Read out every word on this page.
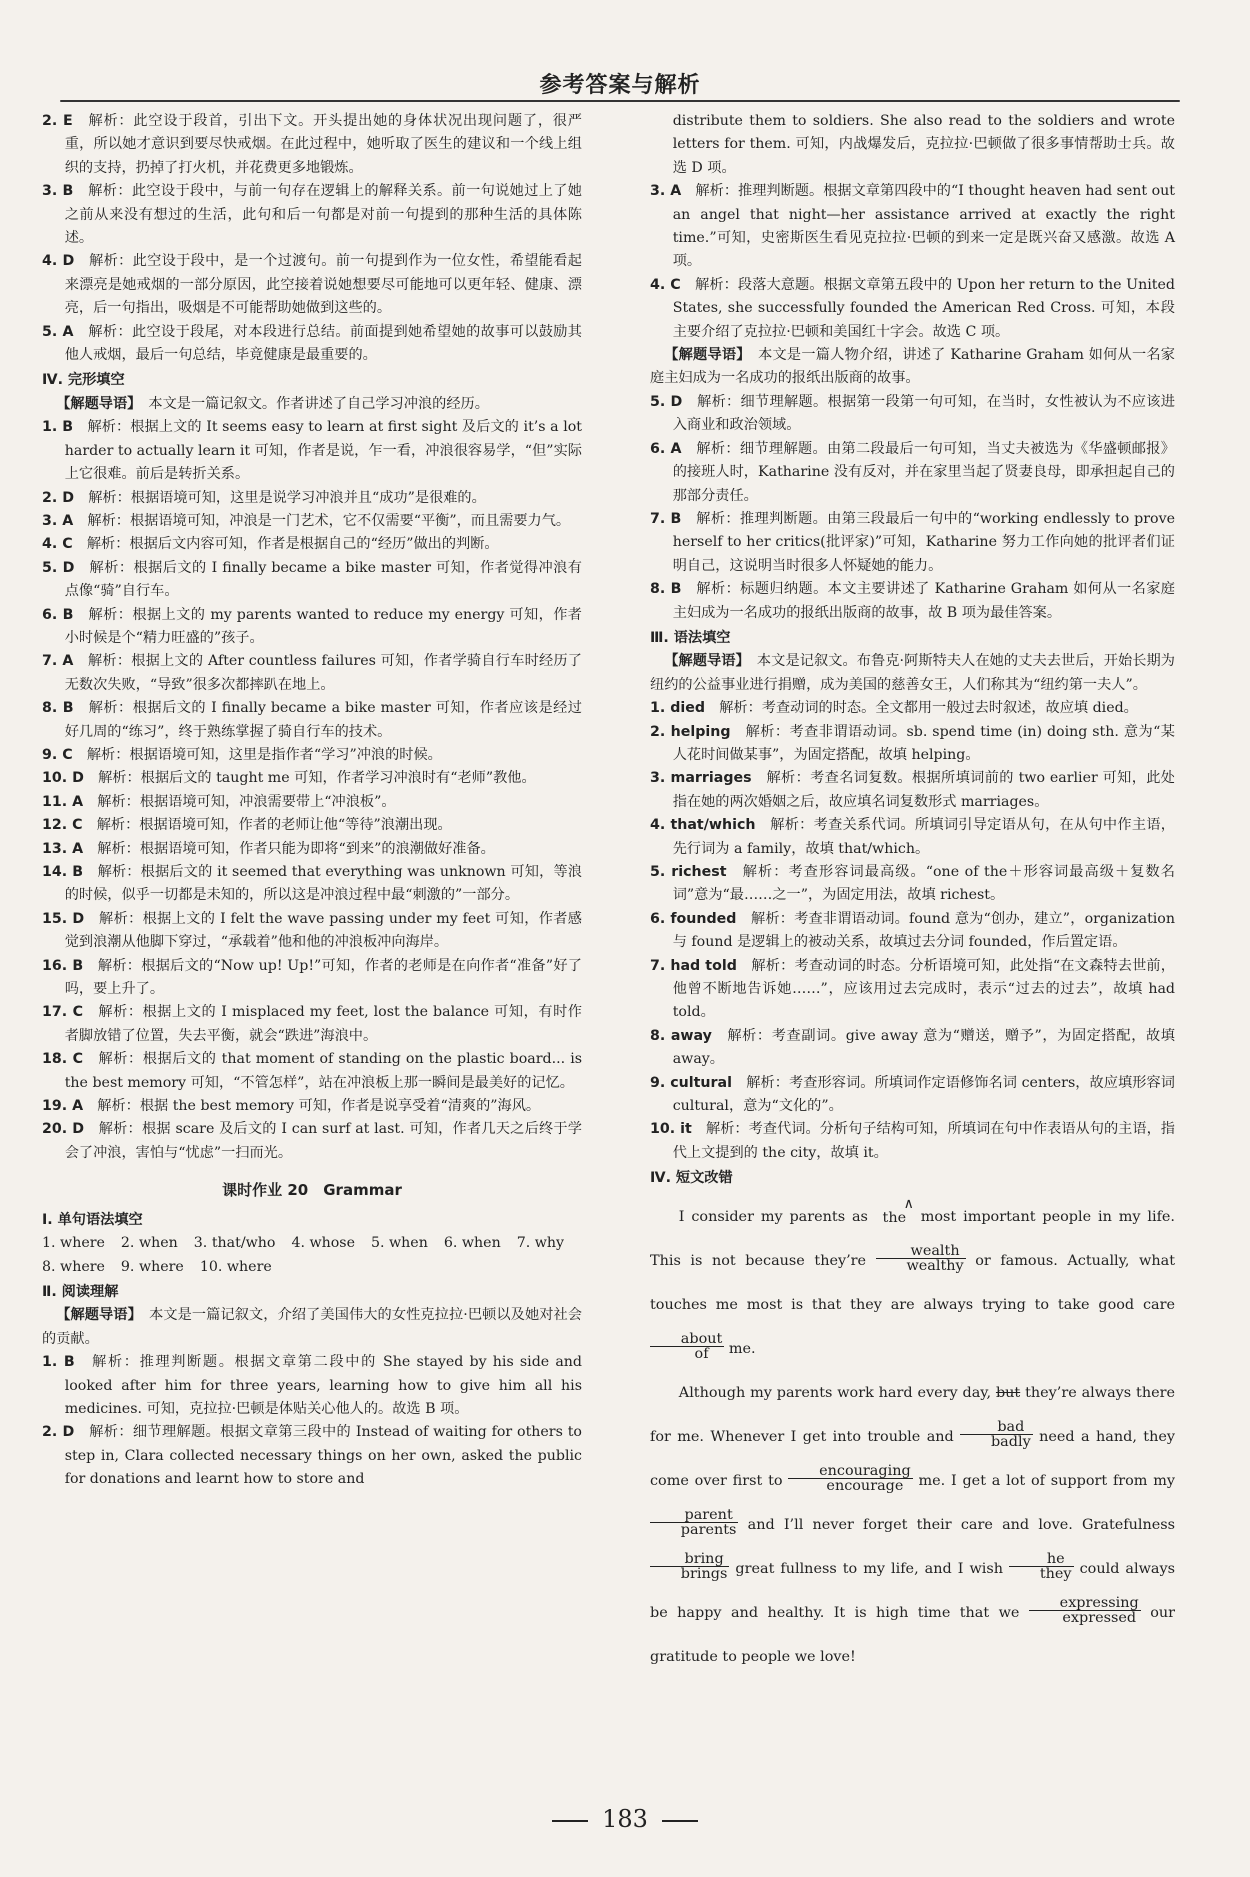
参考答案与解析

2. E　 解析：此空设于段首，引出下文。开头提出她的身体状况出现问题了，很严重，所以她才意识到要尽快戒烟。在此过程中，她听取了医生的建议和一个线上组织的支持，扔掉了打火机，并花费更多地锻炼。

3. B　 解析：此空设于段中，与前一句存在逻辑上的解释关系。前一句说她过上了她之前从来没有想过的生活，此句和后一句都是对前一句提到的那种生活的具体陈述。

4. D　 解析：此空设于段中，是一个过渡句。前一句提到作为一位女性，希望能看起来漂亮是她戒烟的一部分原因，此空接着说她想要尽可能地可以更年轻、健康、漂亮，后一句指出，吸烟是不可能帮助她做到这些的。

5. A　 解析：此空设于段尾，对本段进行总结。前面提到她希望她的故事可以鼓励其他人戒烟，最后一句总结，毕竟健康是最重要的。

Ⅳ. 完形填空

【解题导语】　 本文是一篇记叙文。作者讲述了自己学习冲浪的经历。

1. B　 解析：根据上文的 It seems easy to learn at first sight 及后文的 it’s a lot harder to actually learn it 可知，作者是说，乍一看，冲浪很容易学，“但”实际上它很难。前后是转折关系。

2. D　 解析：根据语境可知，这里是说学习冲浪并且“成功”是很难的。

3. A　 解析：根据语境可知，冲浪是一门艺术，它不仅需要“平衡”，而且需要力气。

4. C　 解析：根据后文内容可知，作者是根据自己的“经历”做出的判断。

5. D　 解析：根据后文的 I finally became a bike master 可知，作者觉得冲浪有点像“骑”自行车。

6. B　 解析：根据上文的 my parents wanted to reduce my energy 可知，作者小时候是个“精力旺盛的”孩子。

7. A　 解析：根据上文的 After countless failures 可知，作者学骑自行车时经历了无数次失败，“导致”很多次都摔趴在地上。

8. B　 解析：根据后文的 I finally became a bike master 可知，作者应该是经过好几周的“练习”，终于熟练掌握了骑自行车的技术。

9. C　 解析：根据语境可知，这里是指作者“学习”冲浪的时候。

10. D　 解析：根据后文的 taught me 可知，作者学习冲浪时有“老师”教他。

11. A　 解析：根据语境可知，冲浪需要带上“冲浪板”。

12. C　 解析：根据语境可知，作者的老师让他“等待”浪潮出现。

13. A　 解析：根据语境可知，作者只能为即将“到来”的浪潮做好准备。

14. B　 解析：根据后文的 it seemed that everything was unknown 可知，等浪的时候，似乎一切都是未知的，所以这是冲浪过程中最“刺激的”一部分。

15. D　 解析：根据上文的 I felt the wave passing under my feet 可知，作者感觉到浪潮从他脚下穿过，“承载着”他和他的冲浪板冲向海岸。

16. B　 解析：根据后文的“Now up! Up!”可知，作者的老师是在向作者“准备”好了吗，要上升了。

17. C　 解析：根据上文的 I misplaced my feet, lost the balance 可知，有时作者脚放错了位置，失去平衡，就会“跌进”海浪中。

18. C　 解析：根据后文的 that moment of standing on the plastic board... is the best memory 可知，“不管怎样”，站在冲浪板上那一瞬间是最美好的记忆。

19. A　 解析：根据 the best memory 可知，作者是说享受着“清爽的”海风。

20. D　 解析：根据 scare 及后文的 I can surf at last. 可知，作者几天之后终于学会了冲浪，害怕与“忧虑”一扫而光。

课时作业 20　Grammar

Ⅰ. 单句语法填空

1. where 2. when 3. that/who 4. whose 5. when 6. when 7. why
8. where 9. where 10. where

Ⅱ. 阅读理解

【解题导语】　 本文是一篇记叙文，介绍了美国伟大的女性克拉拉·巴顿以及她对社会的贡献。

1. B　 解析：推理判断题。根据文章第二段中的 She stayed by his side and looked after him for three years, learning how to give him all his medicines. 可知，克拉拉·巴顿是体贴关心他人的。故选 B 项。

2. D　 解析：细节理解题。根据文章第三段中的 Instead of waiting for others to step in, Clara collected necessary things on her own, asked the public for donations and learnt how to store and

distribute them to soldiers. She also read to the soldiers and wrote letters for them. 可知，内战爆发后，克拉拉·巴顿做了很多事情帮助士兵。故选 D 项。

3. A　 解析：推理判断题。根据文章第四段中的“I thought heaven had sent out an angel that night—her assistance arrived at exactly the right time.”可知，史密斯医生看见克拉拉·巴顿的到来一定是既兴奋又感激。故选 A 项。

4. C　 解析：段落大意题。根据文章第五段中的 Upon her return to the United States, she successfully founded the American Red Cross. 可知，本段主要介绍了克拉拉·巴顿和美国红十字会。故选 C 项。

【解题导语】　 本文是一篇人物介绍，讲述了 Katharine Graham 如何从一名家庭主妇成为一名成功的报纸出版商的故事。

5. D　 解析：细节理解题。根据第一段第一句可知，在当时，女性被认为不应该进入商业和政治领域。

6. A　 解析：细节理解题。由第二段最后一句可知，当丈夫被选为《华盛顿邮报》的接班人时，Katharine 没有反对，并在家里当起了贤妻良母，即承担起自己的那部分责任。

7. B　 解析：推理判断题。由第三段最后一句中的“working endlessly to prove herself to her critics(批评家)”可知，Katharine 努力工作向她的批评者们证明自己，这说明当时很多人怀疑她的能力。

8. B　 解析：标题归纳题。本文主要讲述了 Katharine Graham 如何从一名家庭主妇成为一名成功的报纸出版商的故事，故 B 项为最佳答案。

Ⅲ. 语法填空

【解题导语】　 本文是记叙文。布鲁克·阿斯特夫人在她的丈夫去世后，开始长期为纽约的公益事业进行捐赠，成为美国的慈善女王，人们称其为“纽约第一夫人”。

1. died　 解析：考查动词的时态。全文都用一般过去时叙述，故应填 died。

2. helping　 解析：考查非谓语动词。sb. spend time (in) doing sth. 意为“某人花时间做某事”，为固定搭配，故填 helping。

3. marriages　 解析：考查名词复数。根据所填词前的 two earlier 可知，此处指在她的两次婚姻之后，故应填名词复数形式 marriages。

4. that/which　 解析：考查关系代词。所填词引导定语从句，在从句中作主语，先行词为 a family，故填 that/which。

5. richest　 解析：考查形容词最高级。“one of the＋形容词最高级＋复数名词”意为“最……之一”，为固定用法，故填 richest。

6. founded　 解析：考查非谓语动词。found 意为“创办，建立”，organization 与 found 是逻辑上的被动关系，故填过去分词 founded，作后置定语。

7. had told　 解析：考查动词的时态。分析语境可知，此处指“在文森特去世前，他曾不断地告诉她……”，应该用过去完成时，表示“过去的过去”，故填 had told。

8. away　 解析：考查副词。give away 意为“赠送，赠予”，为固定搭配，故填 away。

9. cultural　 解析：考查形容词。所填词作定语修饰名词 centers，故应填形容词 cultural，意为“文化的”。

10. it　 解析：考查代词。分析句子结构可知，所填词在句中作表语从句的主语，指代上文提到的 the city，故填 it。

Ⅳ. 短文改错

I consider my parents as
∧
the most important people in my life. This is not because they’re
wealth
wealthy or famous. Actually, what touches me most is that they are always trying to take good care
about
of	me.

Although my parents work hard every day, but they’re always there for me. Whenever I get into trouble and
bad
badly need a hand, they come over first to
encouraging
encourage	me. I get a lot of support from my
parent
parents and I’ll never forget their care and love. Gratefulness
bring
brings great fullness to my life, and I wish
he
they could always be happy and healthy. It is high time that we
expressing
expressed our gratitude to people we love!

183
